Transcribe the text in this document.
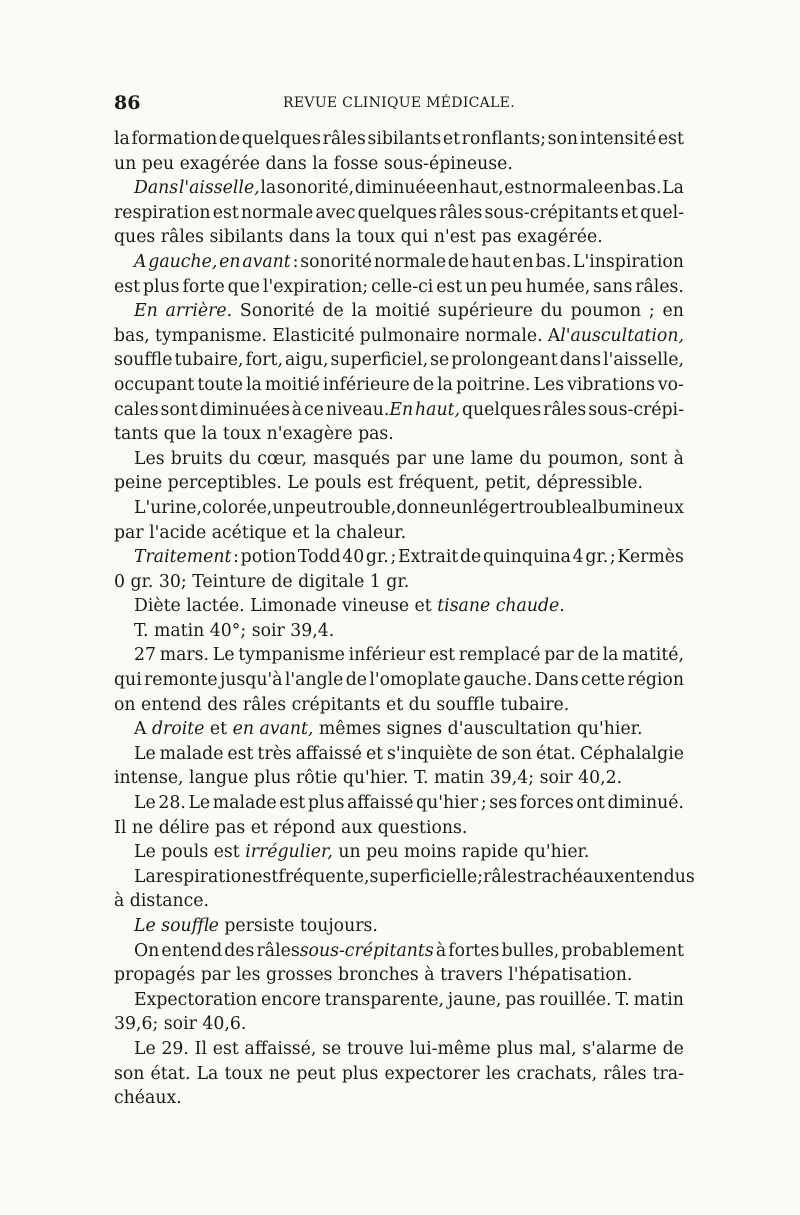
86	REVUE CLINIQUE MÉDICALE.
la formation de quelques râles sibilants et ronflants; son intensité est
un peu exagérée dans la fosse sous-épineuse.
Dans l'aisselle, la sonorité, diminuée en haut, est normale en bas. La
respiration est normale avec quelques râles sous-crépitants et quel-
ques râles sibilants dans la toux qui n'est pas exagérée.
A gauche, en avant : sonorité normale de haut en bas. L'inspiration
est plus forte que l'expiration; celle-ci est un peu humée, sans râles.
En arrière. Sonorité de la moitié supérieure du poumon ; en
bas, tympanisme. Elasticité pulmonaire normale. Al'auscultation,
souffle tubaire, fort, aigu, superficiel, se prolongeant dans l'aisselle,
occupant toute la moitié inférieure de la poitrine. Les vibrations vo-
cales sont diminuées à ce niveau.En haut, quelques râles sous-crépi-
tants que la toux n'exagère pas.
Les bruits du cœur, masqués par une lame du poumon, sont à
peine perceptibles. Le pouls est fréquent, petit, dépressible.
L'urine, colorée, un peu trouble, donne un léger trouble albumineux
par l'acide acétique et la chaleur.
Traitement : potion Todd 40 gr. ; Extrait de quinquina 4 gr. ; Kermès
0 gr. 30; Teinture de digitale 1 gr.
Diète lactée. Limonade vineuse et tisane chaude.
T. matin 40°; soir 39,4.
27 mars. Le tympanisme inférieur est remplacé par de la matité,
qui remonte jusqu'à l'angle de l'omoplate gauche. Dans cette région
on entend des râles crépitants et du souffle tubaire.
A droite et en avant, mêmes signes d'auscultation qu'hier.
Le malade est très affaissé et s'inquiète de son état. Céphalalgie
intense, langue plus rôtie qu'hier. T. matin 39,4; soir 40,2.
Le 28. Le malade est plus affaissé qu'hier ; ses forces ont diminué.
Il ne délire pas et répond aux questions.
Le pouls est irrégulier, un peu moins rapide qu'hier.
La respiration est fréquente, superficielle; râles trachéaux entendus
à distance.
Le souffle persiste toujours.
On entend des râlessous-crépitants à fortes bulles, probablement
propagés par les grosses bronches à travers l'hépatisation.
Expectoration encore transparente, jaune, pas rouillée. T. matin
39,6; soir 40,6.
Le 29. Il est affaissé, se trouve lui-même plus mal, s'alarme de
son état. La toux ne peut plus expectorer les crachats, râles tra-
chéaux.
